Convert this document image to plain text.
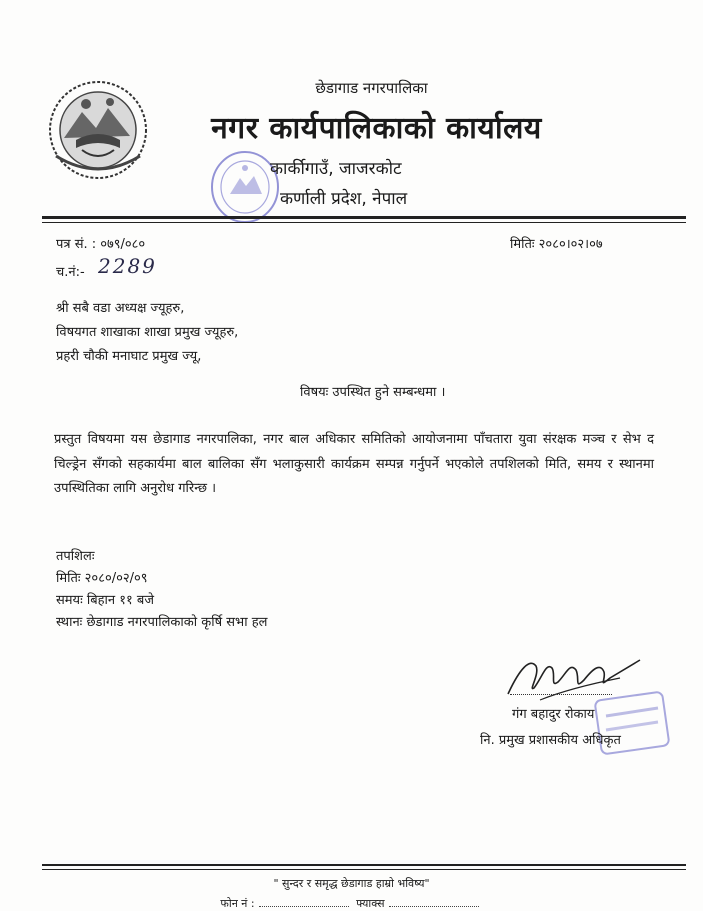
छेडागाड नगरपालिका
नगर कार्यपालिकाको कार्यालय
कार्कीगाउँ, जाजरकोट
कर्णाली प्रदेश, नेपाल
पत्र सं. : ०७९/०८०	मितिः २०८०।०२।०७
च.नं:- 2289
श्री सबै वडा अध्यक्ष ज्यूहरु,
विषयगत शाखाका शाखा प्रमुख ज्यूहरु,
प्रहरी चौकी मनाघाट प्रमुख ज्यू,
विषयः उपस्थित हुने सम्बन्धमा ।
प्रस्तुत विषयमा यस छेडागाड नगरपालिका, नगर बाल अधिकार समितिको आयोजनामा पाँचतारा युवा संरक्षक मञ्च र सेभ द चिल्ड्रेन सँगको सहकार्यमा बाल बालिका सँग भलाकुसारी कार्यक्रम सम्पन्न गर्नुपर्ने भएकोले तपशिलको मिति, समय र स्थानमा उपस्थितिका लागि अनुरोध गरिन्छ ।
तपशिलः
मितिः २०८०/०२/०९
समयः बिहान ११ बजे
स्थानः छेडागाड नगरपालिकाको कृर्षि सभा हल
गंग बहादुर रोकाय
नि. प्रमुख प्रशासकीय अधिकृत
" सुन्दर र समृद्ध छेडागाड हाम्रो भविष्य"
फोन नं :	फ्याक्स
